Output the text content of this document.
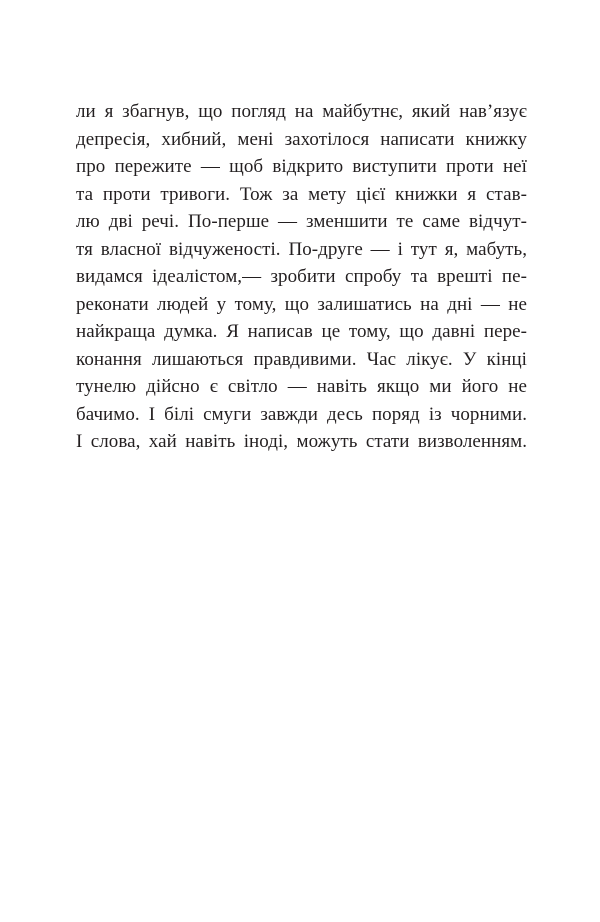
ли я збагнув, що погляд на майбутнє, який нав’язує
депресія, хибний, мені захотілося написати книжку
про пережите — щоб відкрито виступити проти неї
та проти тривоги. Тож за мету цієї книжки я став-
лю дві речі. По-перше — зменшити те саме відчут-
тя власної відчуженості. По-друге — і тут я, мабуть,
видамся ідеалістом,— зробити спробу та врешті пе-
реконати людей у тому, що залишатись на дні — не
найкраща думка. Я написав це тому, що давні пере-
конання лишаються правдивими. Час лікує. У кінці
тунелю дійсно є світло — навіть якщо ми його не
бачимо. І білі смуги завжди десь поряд із чорними.
І слова, хай навіть іноді, можуть стати визволенням.
